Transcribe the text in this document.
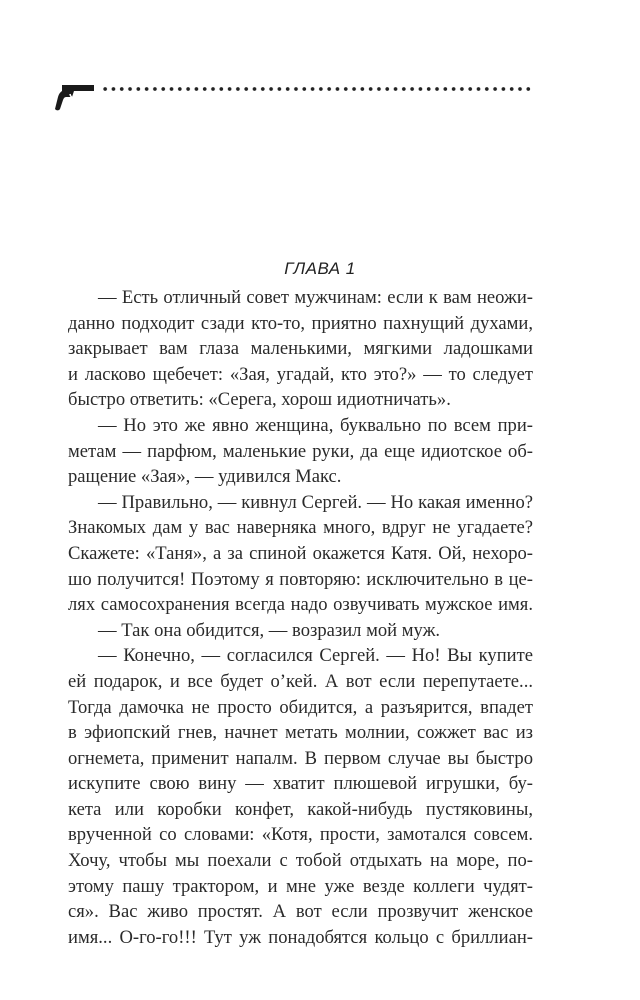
ГЛАВА 1
— Есть отличный совет мужчинам: если к вам неожи-
данно подходит сзади кто-то, приятно пахнущий духами,
закрывает вам глаза маленькими, мягкими ладошками
и ласково щебечет: «Зая, угадай, кто это?» — то следует
быстро ответить: «Серега, хорош идиотничать».
— Но это же явно женщина, буквально по всем при-
метам — парфюм, маленькие руки, да еще идиотское об-
ращение «Зая», — удивился Макс.
— Правильно, — кивнул Сергей. — Но какая именно?
Знакомых дам у вас наверняка много, вдруг не угадаете?
Скажете: «Таня», а за спиной окажется Катя. Ой, нехоро-
шо получится! Поэтому я повторяю: исключительно в це-
лях самосохранения всегда надо озвучивать мужское имя.
— Так она обидится, — возразил мой муж.
— Конечно, — согласился Сергей. — Но! Вы купите
ей подарок, и все будет о’кей. А вот если перепутаете...
Тогда дамочка не просто обидится, а разъярится, впадет
в эфиопский гнев, начнет метать молнии, сожжет вас из
огнемета, применит напалм. В первом случае вы быстро
искупите свою вину — хватит плюшевой игрушки, бу-
кета или коробки конфет, какой-нибудь пустяковины,
врученной со словами: «Котя, прости, замотался совсем.
Хочу, чтобы мы поехали с тобой отдыхать на море, по-
этому пашу трактором, и мне уже везде коллеги чудят-
ся». Вас живо простят. А вот если прозвучит женское
имя... О-го-го!!! Тут уж понадобятся кольцо с бриллиан-
